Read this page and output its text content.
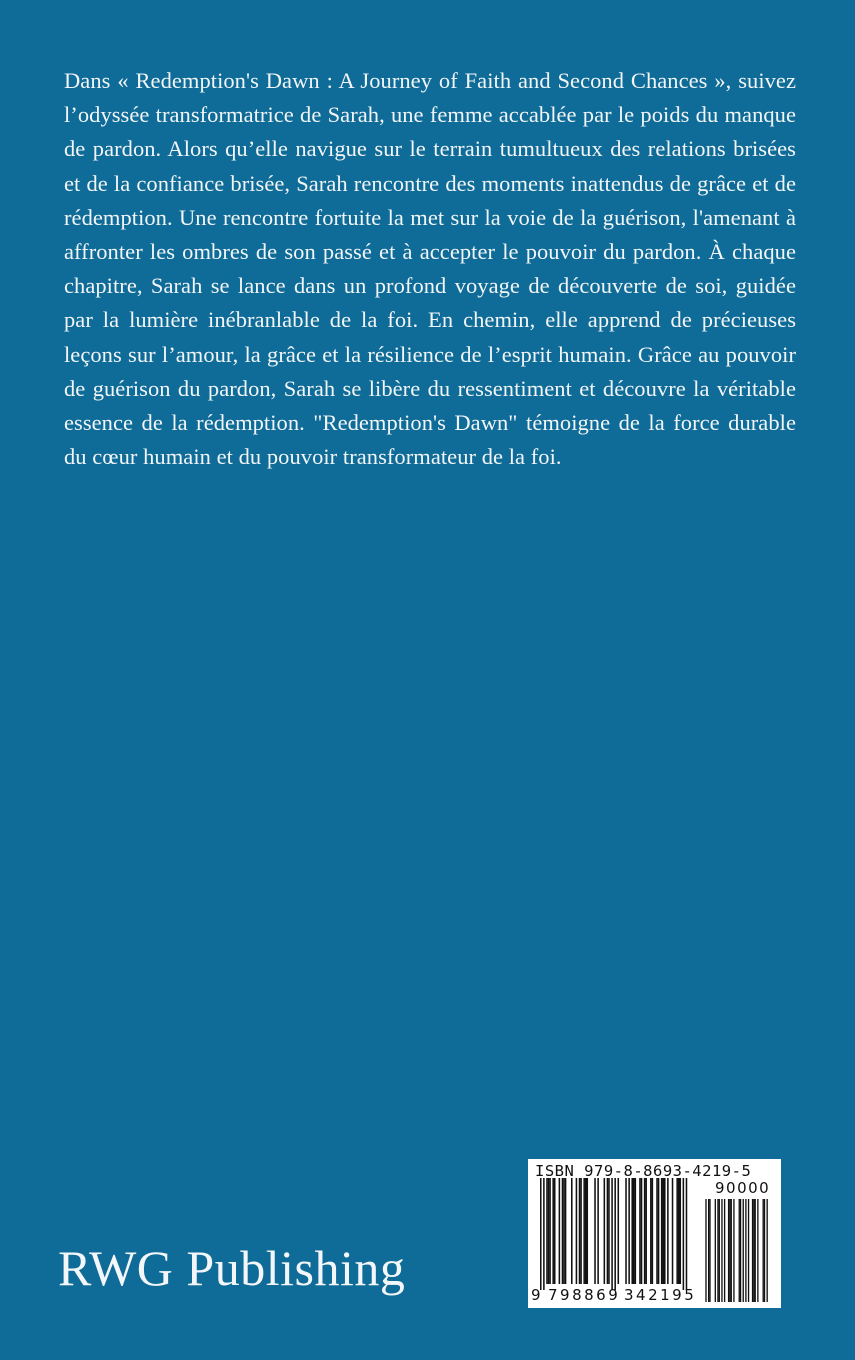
Dans « Redemption's Dawn : A Journey of Faith and Second Chances », suivez l’odyssée transformatrice de Sarah, une femme accablée par le poids du manque de pardon. Alors qu’elle navigue sur le terrain tumultueux des relations brisées et de la confiance brisée, Sarah rencontre des moments inattendus de grâce et de rédemption. Une rencontre fortuite la met sur la voie de la guérison, l'amenant à affronter les ombres de son passé et à accepter le pouvoir du pardon. À chaque chapitre, Sarah se lance dans un profond voyage de découverte de soi, guidée par la lumière inébranlable de la foi. En chemin, elle apprend de précieuses leçons sur l’amour, la grâce et la résilience de l’esprit humain. Grâce au pouvoir de guérison du pardon, Sarah se libère du ressentiment et découvre la véritable essence de la rédemption. "Redemption's Dawn" témoigne de la force durable du cœur humain et du pouvoir transformateur de la foi.

RWG Publishing
ISBN 979-8-8693-4219-5
90000
9 798869 342195
